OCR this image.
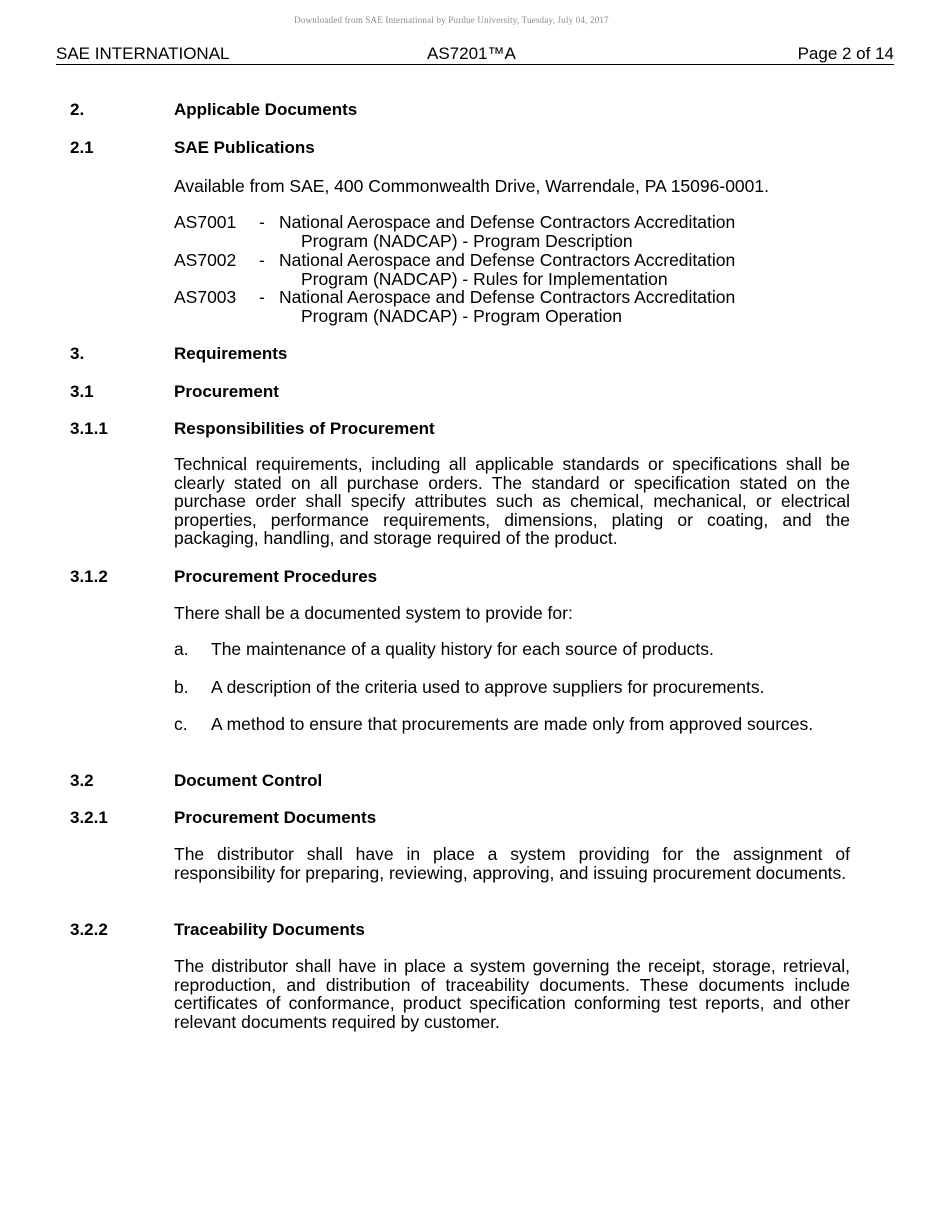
Downloaded from SAE International by Purdue University, Tuesday, July 04, 2017
SAE INTERNATIONAL	AS7201™A	Page 2 of 14
2.	Applicable Documents
2.1	SAE Publications
Available from SAE, 400 Commonwealth Drive, Warrendale, PA 15096-0001.
AS7001 - National Aerospace and Defense Contractors Accreditation
Program (NADCAP) - Program Description
AS7002 - National Aerospace and Defense Contractors Accreditation
Program (NADCAP) - Rules for Implementation
AS7003 - National Aerospace and Defense Contractors Accreditation
Program (NADCAP) - Program Operation
3.	Requirements
3.1	Procurement
3.1.1	Responsibilities of Procurement
Technical requirements, including all applicable standards or specifications shall be clearly stated on all purchase orders. The standard or specification stated on the purchase order shall specify attributes such as chemical, mechanical, or electrical properties, performance requirements, dimensions, plating or coating, and the packaging, handling, and storage required of the product.
3.1.2	Procurement Procedures
There shall be a documented system to provide for:
a. The maintenance of a quality history for each source of products.
b. A description of the criteria used to approve suppliers for procurements.
c. A method to ensure that procurements are made only from approved sources.
3.2	Document Control
3.2.1	Procurement Documents
The distributor shall have in place a system providing for the assignment of responsibility for preparing, reviewing, approving, and issuing procurement documents.
3.2.2	Traceability Documents
The distributor shall have in place a system governing the receipt, storage, retrieval, reproduction, and distribution of traceability documents. These documents include certificates of conformance, product specification conforming test reports, and other relevant documents required by customer.
